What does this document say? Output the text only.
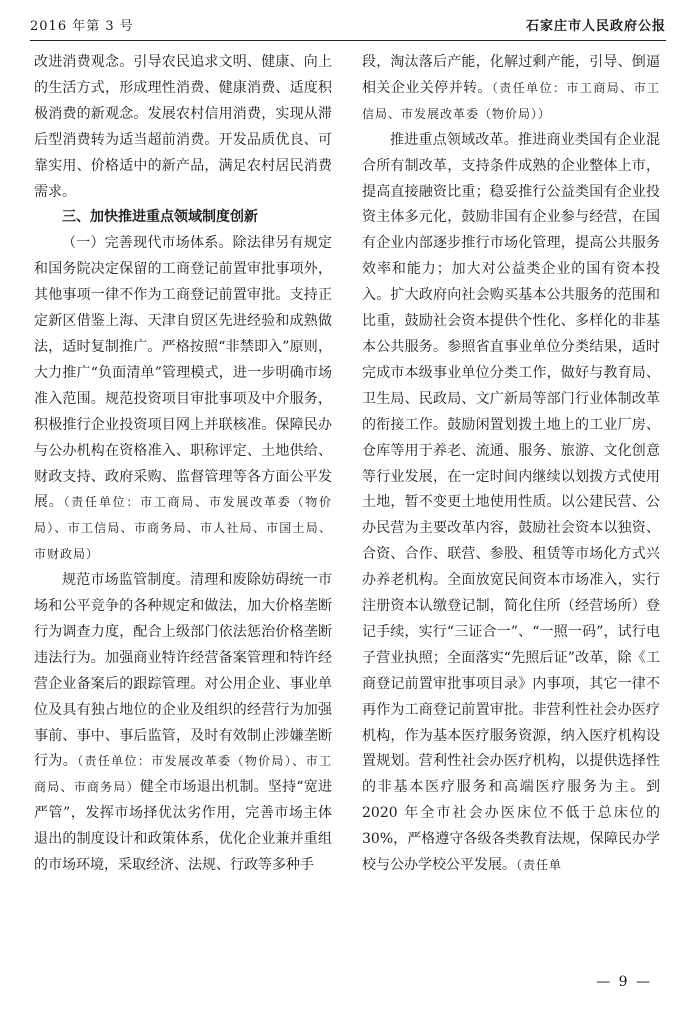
2016 年第 3 号	石家庄市人民政府公报

改进消费观念。引导农民追求文明、健康、向上的生活方式，形成理性消费、健康消费、适度积极消费的新观念。发展农村信用消费，实现从滞后型消费转为适当超前消费。开发品质优良、可靠实用、价格适中的新产品，满足农村居民消费需求。

三、加快推进重点领域制度创新

（一）完善现代市场体系。除法律另有规定和国务院决定保留的工商登记前置审批事项外，其他事项一律不作为工商登记前置审批。支持正定新区借鉴上海、天津自贸区先进经验和成熟做法，适时复制推广。严格按照“非禁即入”原则，大力推广“负面清单”管理模式，进一步明确市场准入范围。规范投资项目审批事项及中介服务，积极推行企业投资项目网上并联核准。保障民办与公办机构在资格准入、职称评定、土地供给、财政支持、政府采购、监督管理等各方面公平发展。（责任单位：市工商局、市发展改革委（物价局）、市工信局、市商务局、市人社局、市国土局、市财政局）

规范市场监管制度。清理和废除妨碍统一市场和公平竞争的各种规定和做法，加大价格垄断行为调查力度，配合上级部门依法惩治价格垄断违法行为。加强商业特许经营备案管理和特许经营企业备案后的跟踪管理。对公用企业、事业单位及具有独占地位的企业及组织的经营行为加强事前、事中、事后监管，及时有效制止涉嫌垄断行为。（责任单位：市发展改革委（物价局）、市工商局、市商务局）健全市场退出机制。坚持“宽进严管”，发挥市场择优汰劣作用，完善市场主体退出的制度设计和政策体系，优化企业兼并重组的市场环境，采取经济、法规、行政等多种手

段，淘汰落后产能，化解过剩产能，引导、倒逼相关企业关停并转。（责任单位：市工商局、市工信局、市发展改革委（物价局））

推进重点领域改革。推进商业类国有企业混合所有制改革，支持条件成熟的企业整体上市，提高直接融资比重；稳妥推行公益类国有企业投资主体多元化，鼓励非国有企业参与经营，在国有企业内部逐步推行市场化管理，提高公共服务效率和能力；加大对公益类企业的国有资本投入。扩大政府向社会购买基本公共服务的范围和比重，鼓励社会资本提供个性化、多样化的非基本公共服务。参照省直事业单位分类结果，适时完成市本级事业单位分类工作，做好与教育局、卫生局、民政局、文广新局等部门行业体制改革的衔接工作。鼓励闲置划拨土地上的工业厂房、仓库等用于养老、流通、服务、旅游、文化创意等行业发展，在一定时间内继续以划拨方式使用土地，暂不变更土地使用性质。以公建民营、公办民营为主要改革内容，鼓励社会资本以独资、合资、合作、联营、参股、租赁等市场化方式兴办养老机构。全面放宽民间资本市场准入，实行注册资本认缴登记制，简化住所（经营场所）登记手续，实行“三证合一”、“一照一码”，试行电子营业执照；全面落实“先照后证”改革，除《工商登记前置审批事项目录》内事项，其它一律不再作为工商登记前置审批。非营利性社会办医疗机构，作为基本医疗服务资源，纳入医疗机构设置规划。营利性社会办医疗机构，以提供选择性的非基本医疗服务和高端医疗服务为主。到 2020 年全市社会办医床位不低于总床位的 30%，严格遵守各级各类教育法规，保障民办学校与公办学校公平发展。（责任单

— 9 —
